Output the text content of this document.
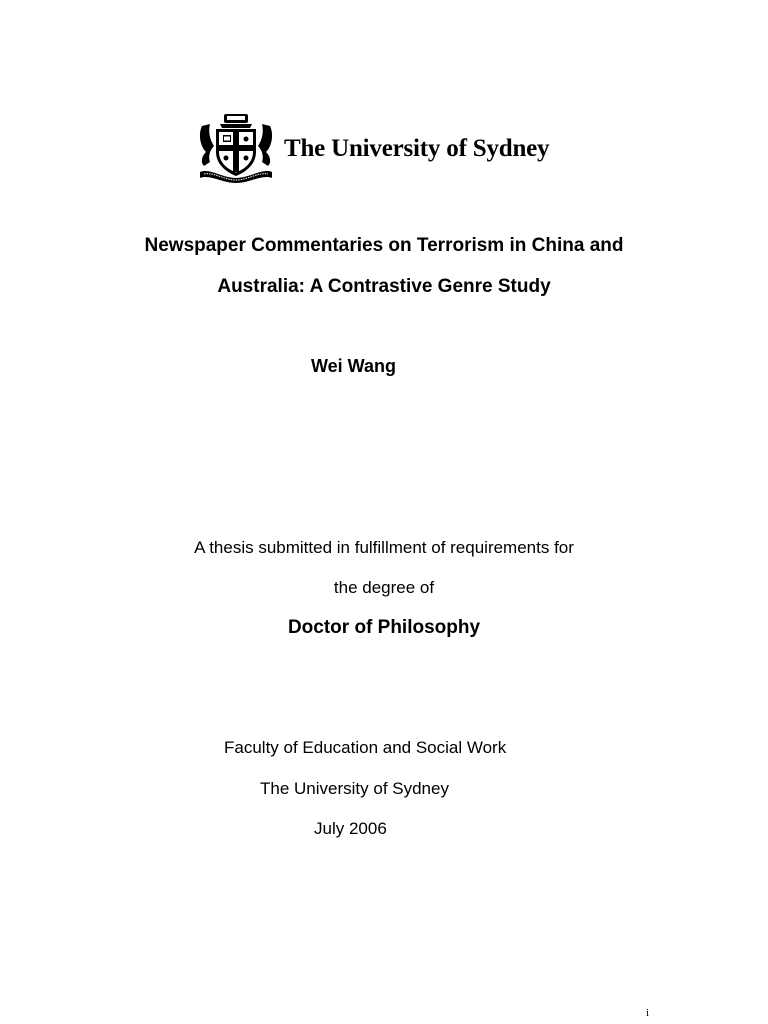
The University of Sydney
Newspaper Commentaries on Terrorism in China and
Australia: A Contrastive Genre Study
Wei Wang
A thesis submitted in fulfillment of requirements for
the degree of
Doctor of Philosophy
Faculty of Education and Social Work
The University of Sydney
July 2006
i
